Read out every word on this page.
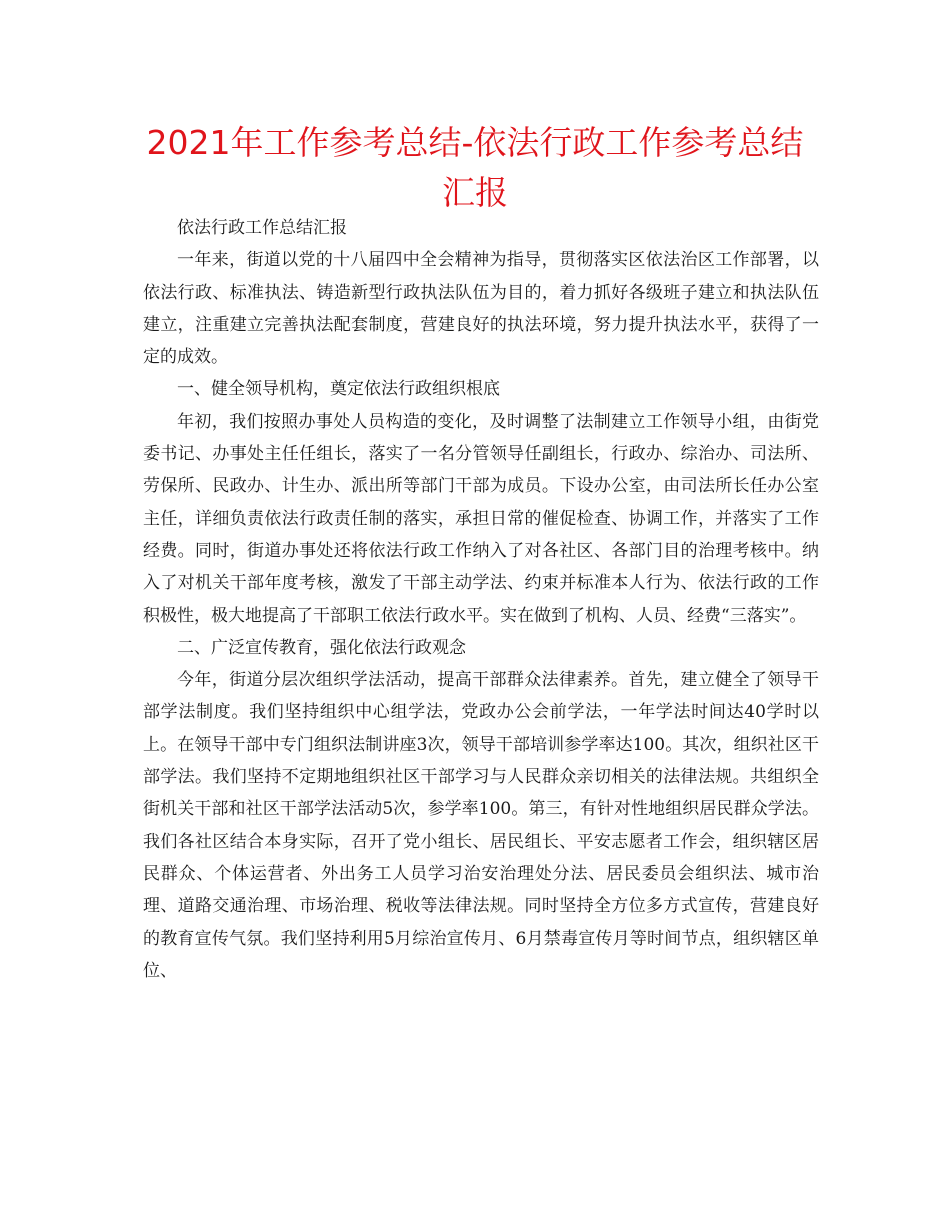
2021年工作参考总结-依法行政工作参考总结汇报

依法行政工作总结汇报

一年来，街道以党的十八届四中全会精神为指导，贯彻落实区依法治区工作部署，以依法行政、标准执法、铸造新型行政执法队伍为目的，着力抓好各级班子建立和执法队伍建立，注重建立完善执法配套制度，营建良好的执法环境，努力提升执法水平，获得了一定的成效。

一、健全领导机构，奠定依法行政组织根底

年初，我们按照办事处人员构造的变化，及时调整了法制建立工作领导小组，由街党委书记、办事处主任任组长，落实了一名分管领导任副组长，行政办、综治办、司法所、劳保所、民政办、计生办、派出所等部门干部为成员。下设办公室，由司法所长任办公室主任，详细负责依法行政责任制的落实，承担日常的催促检查、协调工作，并落实了工作经费。同时，街道办事处还将依法行政工作纳入了对各社区、各部门目的治理考核中。纳入了对机关干部年度考核，激发了干部主动学法、约束并标准本人行为、依法行政的工作积极性，极大地提高了干部职工依法行政水平。实在做到了机构、人员、经费“三落实”。

二、广泛宣传教育，强化依法行政观念

今年，街道分层次组织学法活动，提高干部群众法律素养。首先，建立健全了领导干部学法制度。我们坚持组织中心组学法，党政办公会前学法，一年学法时间达40学时以上。在领导干部中专门组织法制讲座3次，领导干部培训参学率达100。其次，组织社区干部学法。我们坚持不定期地组织社区干部学习与人民群众亲切相关的法律法规。共组织全街机关干部和社区干部学法活动5次，参学率100。第三，有针对性地组织居民群众学法。我们各社区结合本身实际，召开了党小组长、居民组长、平安志愿者工作会，组织辖区居民群众、个体运营者、外出务工人员学习治安治理处分法、居民委员会组织法、城市治理、道路交通治理、市场治理、税收等法律法规。同时坚持全方位多方式宣传，营建良好的教育宣传气氛。我们坚持利用5月综治宣传月、6月禁毒宣传月等时间节点，组织辖区单位、
